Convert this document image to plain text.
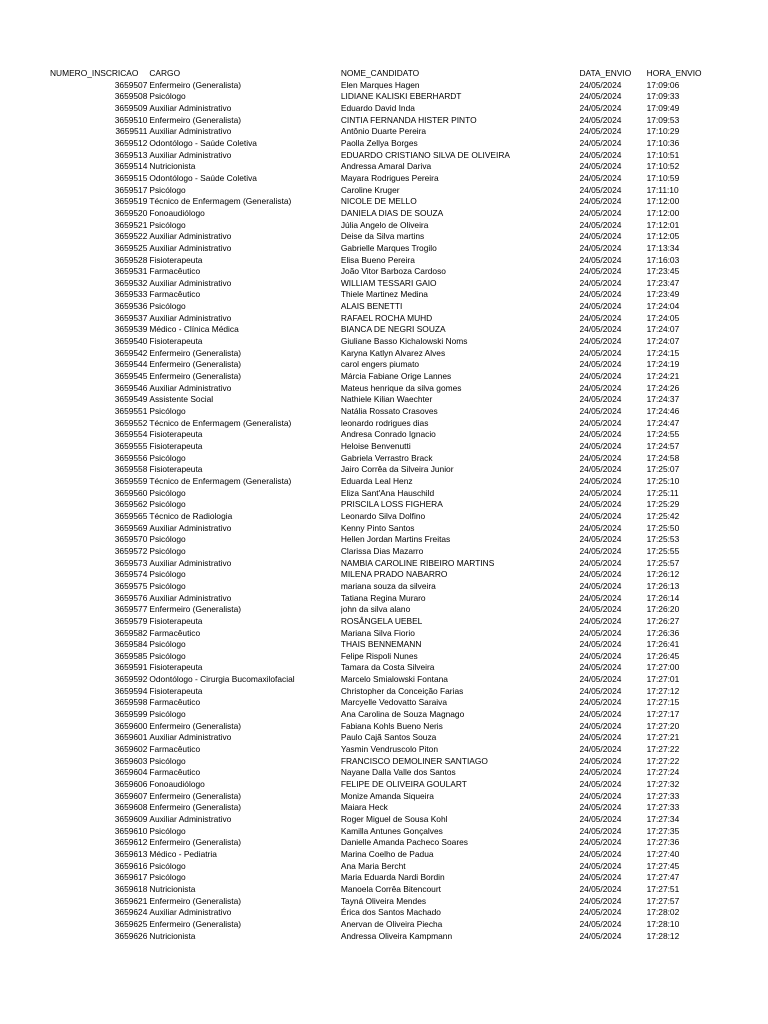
NUMERO_INSCRICAO	CARGO	NOME_CANDIDATO	DATA_ENVIO	HORA_ENVIO
3659507	Enfermeiro (Generalista)	Elen Marques Hagen	24/05/2024	17:09:06
3659508	Psicólogo	LIDIANE KALISKI EBERHARDT	24/05/2024	17:09:33
3659509	Auxiliar Administrativo	Eduardo David Inda	24/05/2024	17:09:49
3659510	Enfermeiro (Generalista)	CINTIA FERNANDA HISTER PINTO	24/05/2024	17:09:53
3659511	Auxiliar Administrativo	Antônio Duarte Pereira	24/05/2024	17:10:29
3659512	Odontólogo - Saúde Coletiva	Paolla Zellya Borges	24/05/2024	17:10:36
3659513	Auxiliar Administrativo	EDUARDO CRISTIANO SILVA DE OLIVEIRA	24/05/2024	17:10:51
3659514	Nutricionista	Andressa Amaral Dariva	24/05/2024	17:10:52
3659515	Odontólogo - Saúde Coletiva	Mayara Rodrigues Pereira	24/05/2024	17:10:59
3659517	Psicólogo	Caroline Kruger	24/05/2024	17:11:10
3659519	Técnico de Enfermagem (Generalista)	NICOLE DE MELLO	24/05/2024	17:12:00
3659520	Fonoaudiólogo	DANIELA DIAS DE SOUZA	24/05/2024	17:12:00
3659521	Psicólogo	Júlia Angelo de Oliveira	24/05/2024	17:12:01
3659522	Auxiliar Administrativo	Deise da Silva martins	24/05/2024	17:12:05
3659525	Auxiliar Administrativo	Gabrielle Marques Trogilo	24/05/2024	17:13:34
3659528	Fisioterapeuta	Elisa Bueno Pereira	24/05/2024	17:16:03
3659531	Farmacêutico	João Vitor Barboza Cardoso	24/05/2024	17:23:45
3659532	Auxiliar Administrativo	WILLIAM TESSARI GAIO	24/05/2024	17:23:47
3659533	Farmacêutico	Thiele Martinez Medina	24/05/2024	17:23:49
3659536	Psicólogo	ALAIS BENETTI	24/05/2024	17:24:04
3659537	Auxiliar Administrativo	RAFAEL ROCHA MUHD	24/05/2024	17:24:05
3659539	Médico - Clínica Médica	BIANCA DE NEGRI SOUZA	24/05/2024	17:24:07
3659540	Fisioterapeuta	Giuliane Basso Kichalowski Noms	24/05/2024	17:24:07
3659542	Enfermeiro (Generalista)	Karyna Katlyn Alvarez Alves	24/05/2024	17:24:15
3659544	Enfermeiro (Generalista)	carol engers piumato	24/05/2024	17:24:19
3659545	Enfermeiro (Generalista)	Márcia Fabiane Orige Lannes	24/05/2024	17:24:21
3659546	Auxiliar Administrativo	Mateus henrique da silva gomes	24/05/2024	17:24:26
3659549	Assistente Social	Nathiele Kilian Waechter	24/05/2024	17:24:37
3659551	Psicólogo	Natália Rossato Crasoves	24/05/2024	17:24:46
3659552	Técnico de Enfermagem (Generalista)	leonardo rodrigues dias	24/05/2024	17:24:47
3659554	Fisioterapeuta	Andresa Conrado Ignacio	24/05/2024	17:24:55
3659555	Fisioterapeuta	Heloise Benvenutti	24/05/2024	17:24:57
3659556	Psicólogo	Gabriela Verrastro Brack	24/05/2024	17:24:58
3659558	Fisioterapeuta	Jairo Corrêa da Silveira Junior	24/05/2024	17:25:07
3659559	Técnico de Enfermagem (Generalista)	Eduarda Leal Henz	24/05/2024	17:25:10
3659560	Psicólogo	Eliza Sant'Ana Hauschild	24/05/2024	17:25:11
3659562	Psicólogo	PRISCILA LOSS FIGHERA	24/05/2024	17:25:29
3659565	Técnico de Radiologia	Leonardo Silva Dolfino	24/05/2024	17:25:42
3659569	Auxiliar Administrativo	Kenny Pinto Santos	24/05/2024	17:25:50
3659570	Psicólogo	Hellen Jordan Martins Freitas	24/05/2024	17:25:53
3659572	Psicólogo	Clarissa Dias Mazarro	24/05/2024	17:25:55
3659573	Auxiliar Administrativo	NAMBIA CAROLINE RIBEIRO MARTINS	24/05/2024	17:25:57
3659574	Psicólogo	MILENA PRADO NABARRO	24/05/2024	17:26:12
3659575	Psicólogo	mariana souza da silveira	24/05/2024	17:26:13
3659576	Auxiliar Administrativo	Tatiana Regina Muraro	24/05/2024	17:26:14
3659577	Enfermeiro (Generalista)	john da silva alano	24/05/2024	17:26:20
3659579	Fisioterapeuta	ROSÂNGELA UEBEL	24/05/2024	17:26:27
3659582	Farmacêutico	Mariana Silva Fiorio	24/05/2024	17:26:36
3659584	Psicólogo	THAIS BENNEMANN	24/05/2024	17:26:41
3659585	Psicólogo	Felipe Rispoli Nunes	24/05/2024	17:26:45
3659591	Fisioterapeuta	Tamara da Costa Silveira	24/05/2024	17:27:00
3659592	Odontólogo - Cirurgia Bucomaxilofacial	Marcelo Smialowski Fontana	24/05/2024	17:27:01
3659594	Fisioterapeuta	Christopher da Conceição Farias	24/05/2024	17:27:12
3659598	Farmacêutico	Marcyelle Vedovatto Saraiva	24/05/2024	17:27:15
3659599	Psicólogo	Ana Carolina de Souza Magnago	24/05/2024	17:27:17
3659600	Enfermeiro (Generalista)	Fabiana Kohls Bueno Neris	24/05/2024	17:27:20
3659601	Auxiliar Administrativo	Paulo Cajã Santos Souza	24/05/2024	17:27:21
3659602	Farmacêutico	Yasmin Vendruscolo Piton	24/05/2024	17:27:22
3659603	Psicólogo	FRANCISCO DEMOLINER SANTIAGO	24/05/2024	17:27:22
3659604	Farmacêutico	Nayane Dalla Valle dos Santos	24/05/2024	17:27:24
3659606	Fonoaudiólogo	FELIPE DE OLIVEIRA GOULART	24/05/2024	17:27:32
3659607	Enfermeiro (Generalista)	Monize Amanda Siqueira	24/05/2024	17:27:33
3659608	Enfermeiro (Generalista)	Maiara Heck	24/05/2024	17:27:33
3659609	Auxiliar Administrativo	Roger Miguel de Sousa Kohl	24/05/2024	17:27:34
3659610	Psicólogo	Kamilla Antunes Gonçalves	24/05/2024	17:27:35
3659612	Enfermeiro (Generalista)	Danielle Amanda Pacheco Soares	24/05/2024	17:27:36
3659613	Médico - Pediatria	Marina Coelho de Padua	24/05/2024	17:27:40
3659616	Psicólogo	Ana Maria Bercht	24/05/2024	17:27:45
3659617	Psicólogo	Maria Eduarda Nardi Bordin	24/05/2024	17:27:47
3659618	Nutricionista	Manoela Corrêa Bitencourt	24/05/2024	17:27:51
3659621	Enfermeiro (Generalista)	Tayná Oliveira Mendes	24/05/2024	17:27:57
3659624	Auxiliar Administrativo	Érica dos Santos Machado	24/05/2024	17:28:02
3659625	Enfermeiro (Generalista)	Anervan de Oliveira Piecha	24/05/2024	17:28:10
3659626	Nutricionista	Andressa Oliveira Kampmann	24/05/2024	17:28:12
